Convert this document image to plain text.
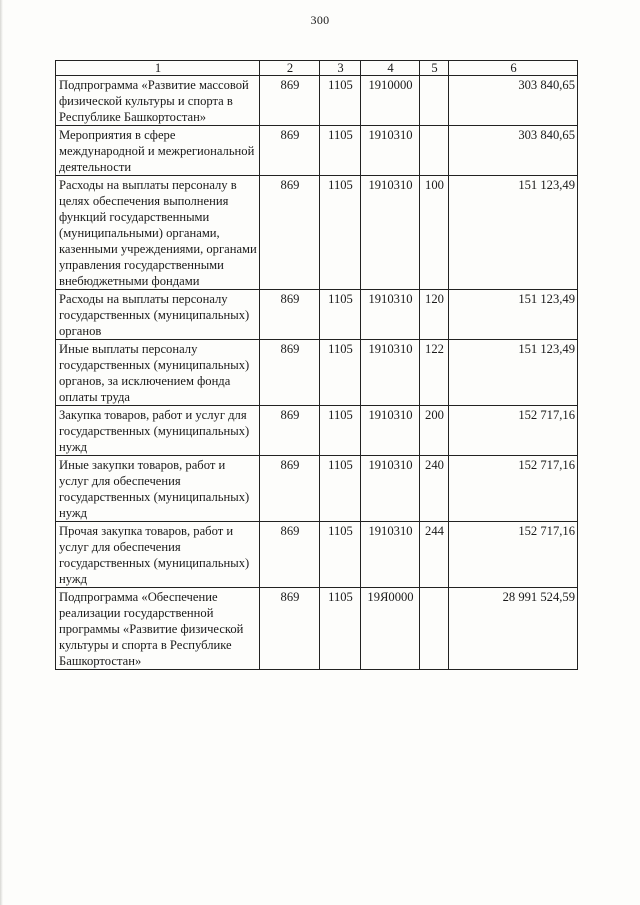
300
1	2	3	4	5	6
Подпрограмма «Развитие массовой физической культуры и спорта в Республике Башкортостан»	869	1105	1910000		303 840,65
Мероприятия в сфере международной и межрегиональной деятельности	869	1105	1910310		303 840,65
Расходы на выплаты персоналу в целях обеспечения выполнения функций государственными (муниципальными) органами, казенными учреждениями, органами управления государственными внебюджетными фондами	869	1105	1910310	100	151 123,49
Расходы на выплаты персоналу государственных (муниципальных) органов	869	1105	1910310	120	151 123,49
Иные выплаты персоналу государственных (муниципальных) органов, за исключением фонда оплаты труда	869	1105	1910310	122	151 123,49
Закупка товаров, работ и услуг для государственных (муниципальных) нужд	869	1105	1910310	200	152 717,16
Иные закупки товаров, работ и услуг для обеспечения государственных (муниципальных) нужд	869	1105	1910310	240	152 717,16
Прочая закупка товаров, работ и услуг для обеспечения государственных (муниципальных) нужд	869	1105	1910310	244	152 717,16
Подпрограмма «Обеспечение реализации государственной программы «Развитие физической культуры и спорта в Республике Башкортостан»	869	1105	19Я0000		28 991 524,59
